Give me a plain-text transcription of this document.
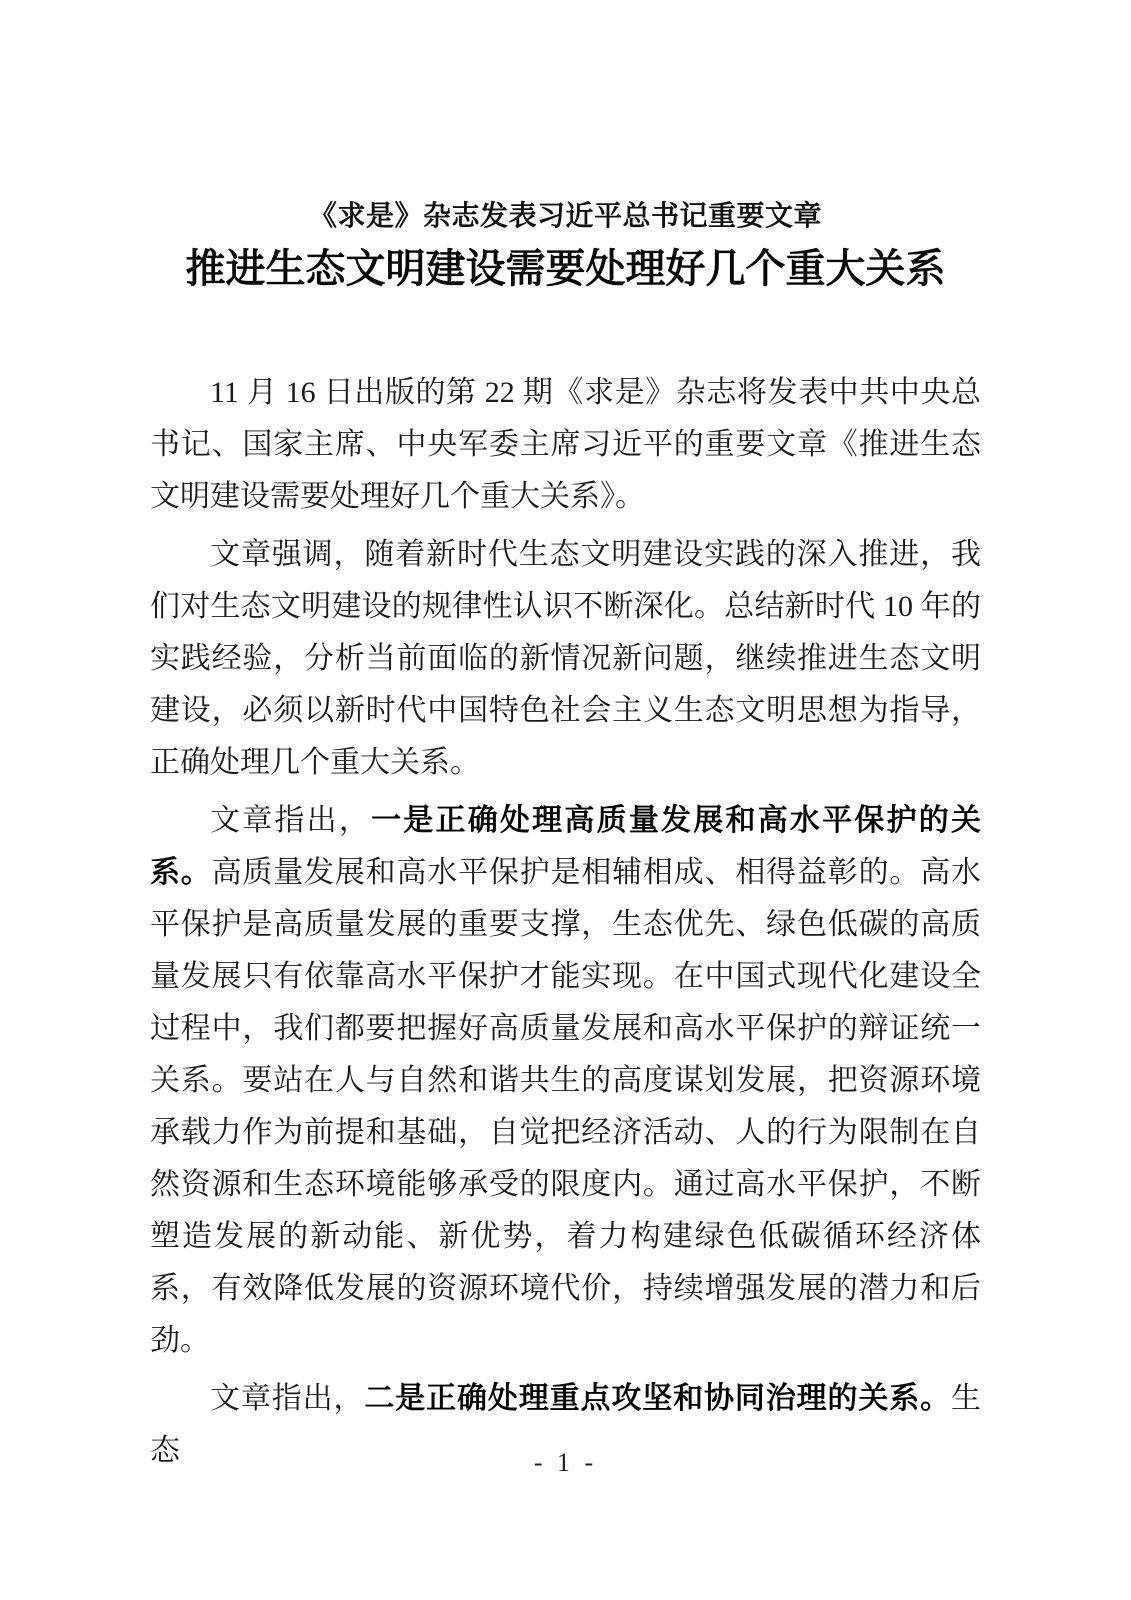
《求是》杂志发表习近平总书记重要文章
推进生态文明建设需要处理好几个重大关系

11 月 16 日出版的第 22 期《求是》杂志将发表中共中央总书记、国家主席、中央军委主席习近平的重要文章《推进生态文明建设需要处理好几个重大关系》。

文章强调，随着新时代生态文明建设实践的深入推进，我们对生态文明建设的规律性认识不断深化。总结新时代 10 年的实践经验，分析当前面临的新情况新问题，继续推进生态文明建设，必须以新时代中国特色社会主义生态文明思想为指导，正确处理几个重大关系。

文章指出，一是正确处理高质量发展和高水平保护的关系。高质量发展和高水平保护是相辅相成、相得益彰的。高水平保护是高质量发展的重要支撑，生态优先、绿色低碳的高质量发展只有依靠高水平保护才能实现。在中国式现代化建设全过程中，我们都要把握好高质量发展和高水平保护的辩证统一关系。要站在人与自然和谐共生的高度谋划发展，把资源环境承载力作为前提和基础，自觉把经济活动、人的行为限制在自然资源和生态环境能够承受的限度内。通过高水平保护，不断塑造发展的新动能、新优势，着力构建绿色低碳循环经济体系，有效降低发展的资源环境代价，持续增强发展的潜力和后劲。

文章指出，二是正确处理重点攻坚和协同治理的关系。生态	- 1 -
